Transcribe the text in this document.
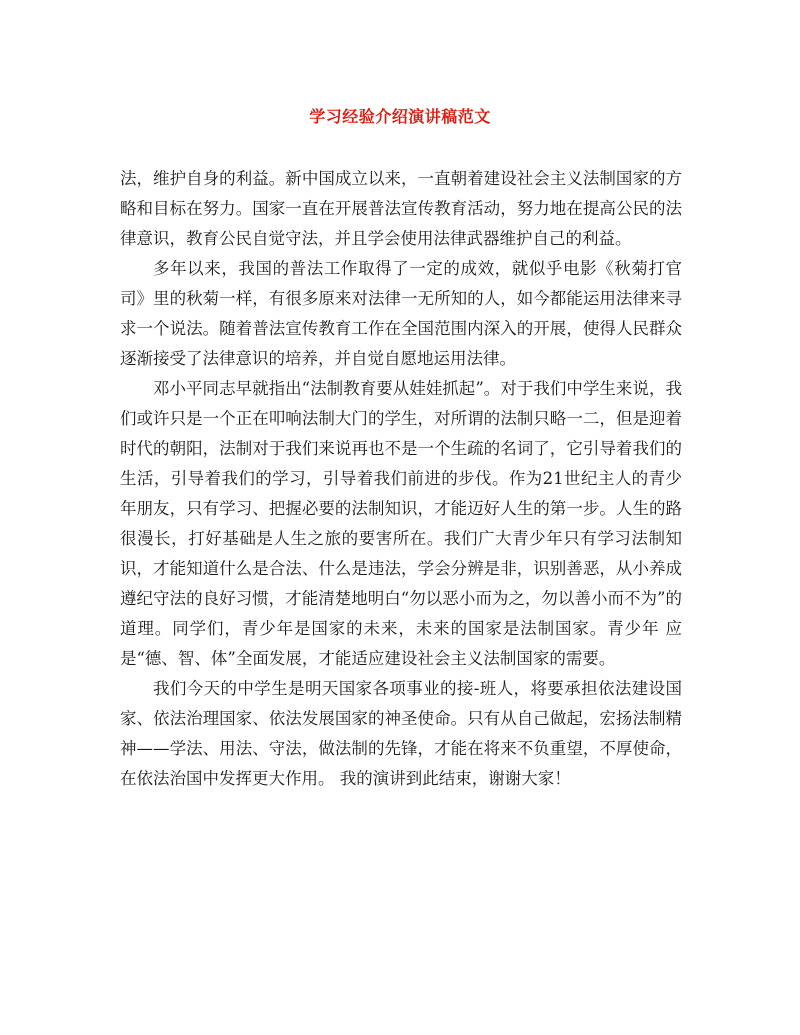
学习经验介绍演讲稿范文

法，维护自身的利益。新中国成立以来，一直朝着建设社会主义法制国家的方略和目标在努力。国家一直在开展普法宣传教育活动，努力地在提高公民的法律意识，教育公民自觉守法，并且学会使用法律武器维护自己的利益。

多年以来，我国的普法工作取得了一定的成效，就似乎电影《秋菊打官司》里的秋菊一样，有很多原来对法律一无所知的人，如今都能运用法律来寻求一个说法。随着普法宣传教育工作在全国范围内深入的开展，使得人民群众逐渐接受了法律意识的培养，并自觉自愿地运用法律。

邓小平同志早就指出“法制教育要从娃娃抓起”。对于我们中学生来说，我们或许只是一个正在叩响法制大门的学生，对所谓的法制只略一二，但是迎着时代的朝阳，法制对于我们来说再也不是一个生疏的名词了，它引导着我们的生活，引导着我们的学习，引导着我们前进的步伐。作为21世纪主人的青少年朋友，只有学习、把握必要的法制知识，才能迈好人生的第一步。人生的路很漫长，打好基础是人生之旅的要害所在。我们广大青少年只有学习法制知识，才能知道什么是合法、什么是违法，学会分辨是非，识别善恶，从小养成遵纪守法的良好习惯，才能清楚地明白“勿以恶小而为之，勿以善小而不为”的道理。同学们，青少年是国家的未来，未来的国家是法制国家。青少年 应是“德、智、体”全面发展，才能适应建设社会主义法制国家的需要。

我们今天的中学生是明天国家各项事业的接-班人，将要承担依法建设国家、依法治理国家、依法发展国家的神圣使命。只有从自己做起，宏扬法制精神——学法、用法、守法，做法制的先锋，才能在将来不负重望，不厚使命，在依法治国中发挥更大作用。 我的演讲到此结束，谢谢大家！
